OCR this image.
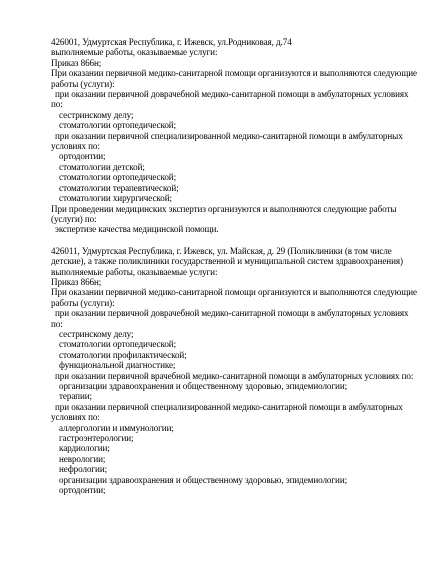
426001, Удмуртская Республика, г. Ижевск, ул.Родниковая, д.74
выполняемые работы, оказываемые услуги:
Приказ 866н;
При оказании первичной медико-санитарной помощи организуются и выполняются следующие
работы (услуги):
при оказании первичной доврачебной медико-санитарной помощи в амбулаторных условиях
по:
сестринскому делу;
стоматологии ортопедической;
при оказании первичной специализированной медико-санитарной помощи в амбулаторных
условиях по:
ортодонтии;
стоматологии детской;
стоматологии ортопедической;
стоматологии терапевтической;
стоматологии хирургической;
При проведении медицинских экспертиз организуются и выполняются следующие работы
(услуги) по:
экспертизе качества медицинской помощи.
426011, Удмуртская Республика, г. Ижевск, ул. Майская, д. 29 (Поликлиники (в том числе
детские), а также поликлиники государственной и муниципальной систем здравоохранения)
выполняемые работы, оказываемые услуги:
Приказ 866н;
При оказании первичной медико-санитарной помощи организуются и выполняются следующие
работы (услуги):
при оказании первичной доврачебной медико-санитарной помощи в амбулаторных условиях
по:
сестринскому делу;
стоматологии ортопедической;
стоматологии профилактической;
функциональной диагностике;
при оказании первичной врачебной медико-санитарной помощи в амбулаторных условиях по:
организации здравоохранения и общественному здоровью, эпидемиологии;
терапии;
при оказании первичной специализированной медико-санитарной помощи в амбулаторных
условиях по:
аллергологии и иммунологии;
гастроэнтерологии;
кардиологии;
неврологии;
нефрологии;
организации здравоохранения и общественному здоровью, эпидемиологии;
ортодонтии;
